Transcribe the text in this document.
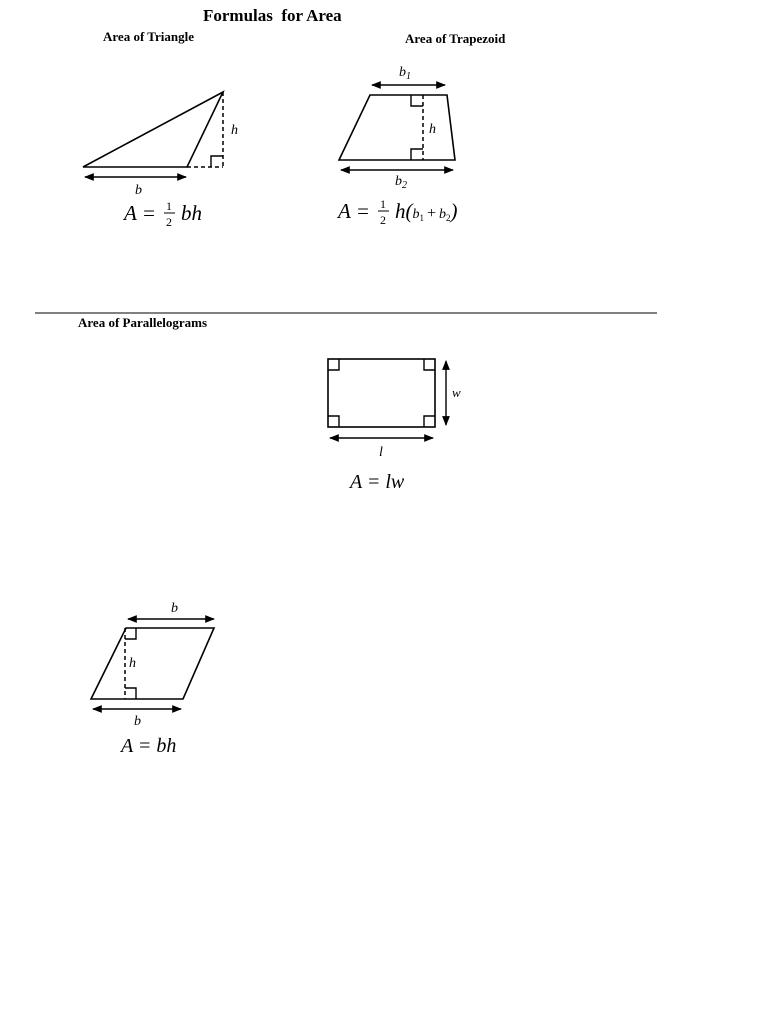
Formulas  for Area
Area of Triangle	Area of Trapezoid
Area of Parallelograms
h
b
A = 1
2 bh
$b_1$
h
$b_2$
A = 1
2 h(b1 + b2)
w
l
A = lw
b
h
b
A = bh
